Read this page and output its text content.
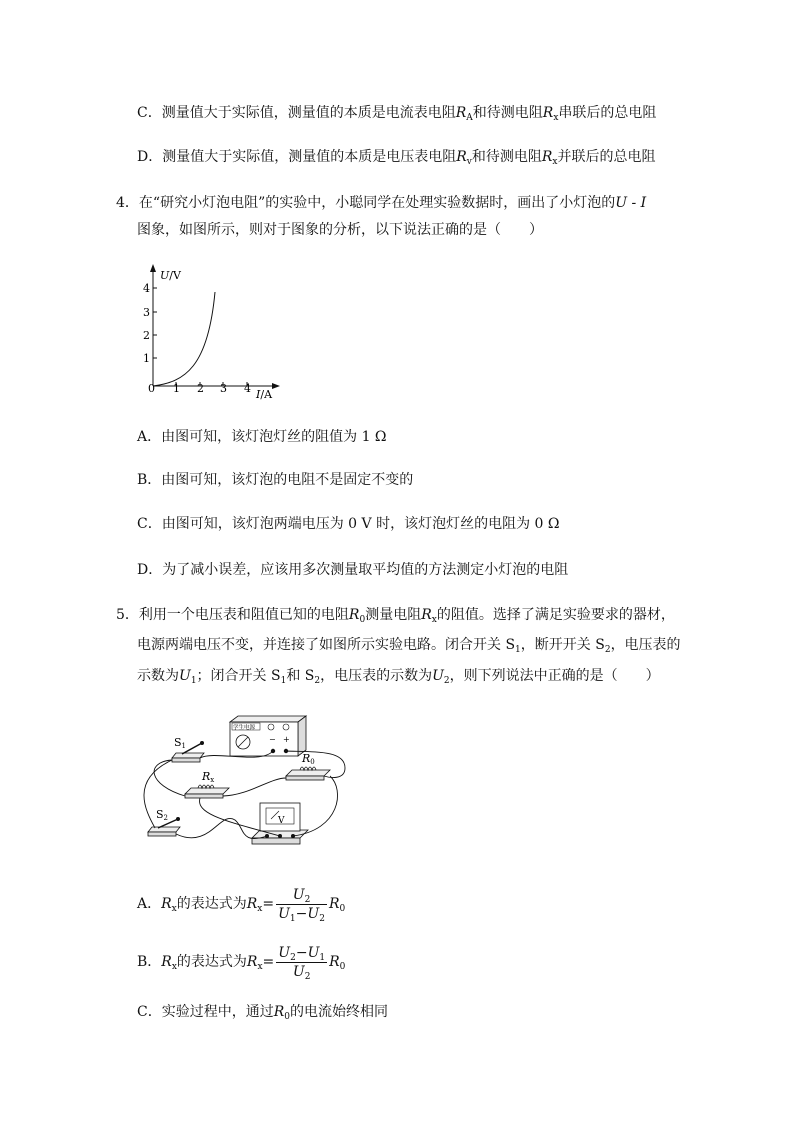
C．测量值大于实际值，测量值的本质是电流表电阻$R_A$和待测电阻$R_x$串联后的总电阻
D．测量值大于实际值，测量值的本质是电压表电阻$R_v$和待测电阻$R_x$并联后的总电阻
4．在“研究小灯泡电阻”的实验中，小聪同学在处理实验数据时，画出了小灯泡的U - I
图象，如图所示，则对于图象的分析，以下说法正确的是（　　）
U/V
4
3
2
1
0 1 2 3 4 I/A
A．由图可知，该灯泡灯丝的阻值为 1 Ω
B．由图可知，该灯泡的电阻不是固定不变的
C．由图可知，该灯泡两端电压为 0 V 时，该灯泡灯丝的电阻为 0 Ω
D．为了减小误差，应该用多次测量取平均值的方法测定小灯泡的电阻
5．利用一个电压表和阻值已知的电阻$R_0$测量电阻$R_x$的阻值。选择了满足实验要求的器材，
电源两端电压不变，并连接了如图所示实验电路。闭合开关 $S_1$，断开开关 $S_2$，电压表的
示数为$U_1$；闭合开关 $S_1$和 $S_2$，电压表的示数为$U_2$，则下列说法中正确的是（　　）
学生电源
− +
S1
Rx
R0
S2	V
A．$R_x$的表达式为$R_x= \frac{U_2}{U_1-U_2} R_0$
B．$R_x$的表达式为$R_x= \frac{U_2-U_1}{U_2} R_0$
C．实验过程中，通过$R_0$的电流始终相同
